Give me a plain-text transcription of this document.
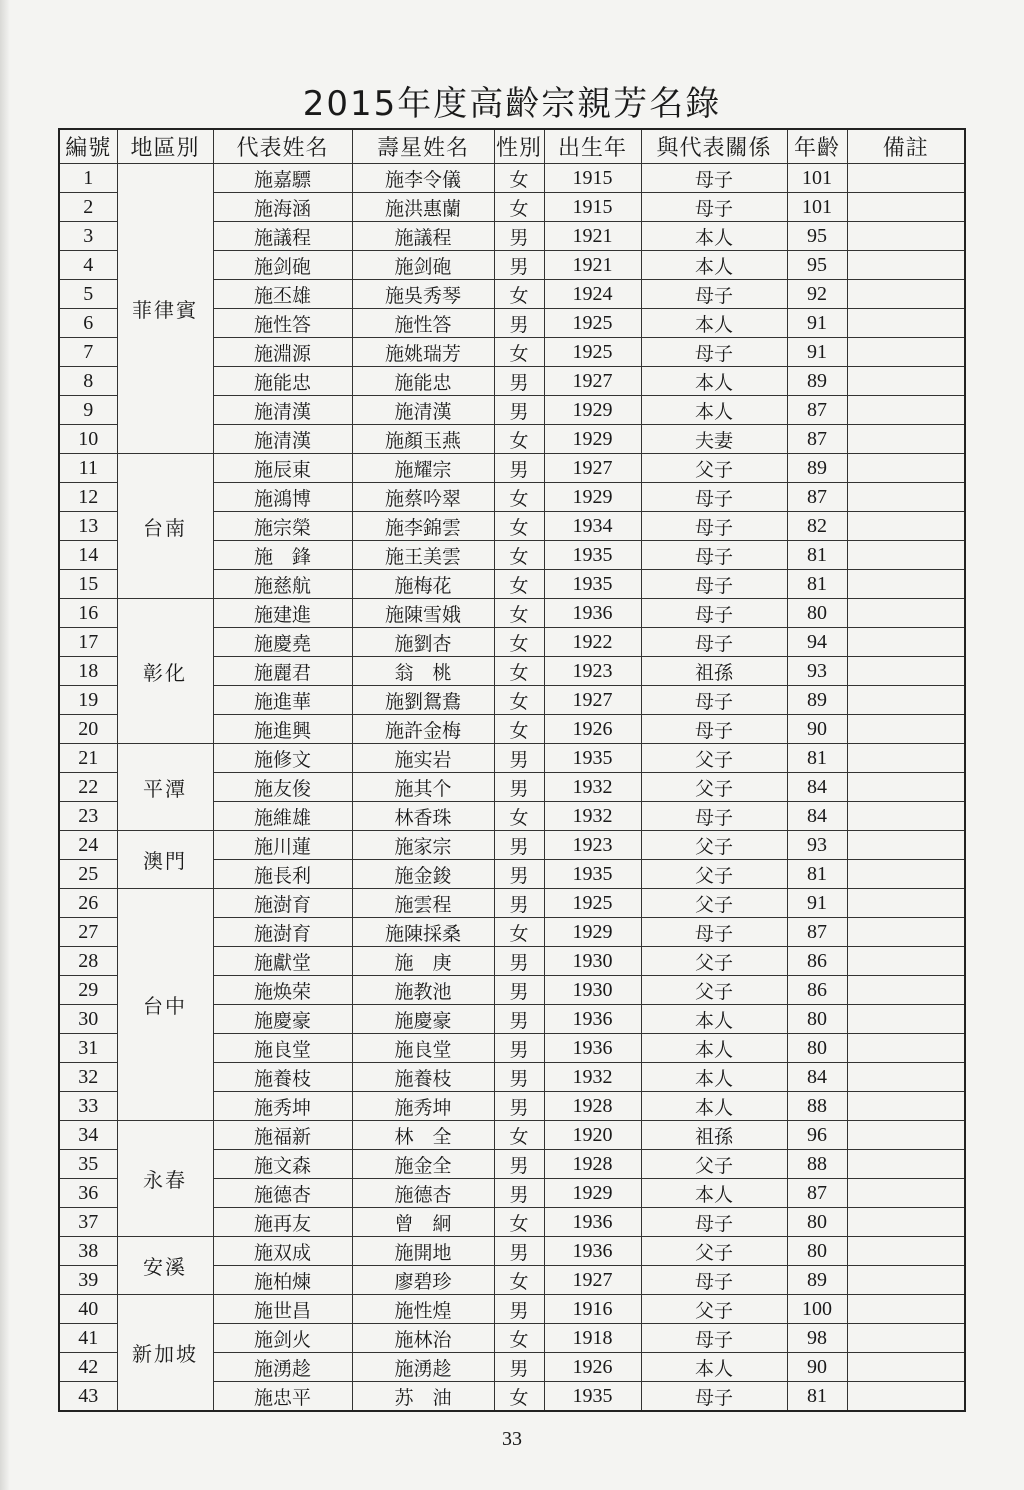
2015年度高齡宗親芳名錄
編號	地區別	代表姓名	壽星姓名	性別	出生年	與代表關係	年齡	備註
1	菲律賓	施嘉驃	施李令儀	女	1915	母子	101	
2		施海涵	施洪惠蘭	女	1915	母子	101	
3		施議程	施議程	男	1921	本人	95	
4		施剑砲	施剑砲	男	1921	本人	95	
5		施丕雄	施吳秀琴	女	1924	母子	92	
6		施性答	施性答	男	1925	本人	91	
7		施淵源	施姚瑞芳	女	1925	母子	91	
8		施能忠	施能忠	男	1927	本人	89	
9		施清漢	施清漢	男	1929	本人	87	
10		施清漢	施顏玉燕	女	1929	夫妻	87	
11	台南	施辰東	施耀宗	男	1927	父子	89	
12		施鴻博	施蔡吟翠	女	1929	母子	87	
13		施宗榮	施李錦雲	女	1934	母子	82	
14		施　鋒	施王美雲	女	1935	母子	81	
15		施慈航	施梅花	女	1935	母子	81	
16	彰化	施建進	施陳雪娥	女	1936	母子	80	
17		施慶堯	施劉杏	女	1922	母子	94	
18		施麗君	翁　桃	女	1923	祖孫	93	
19		施進華	施劉鴛鴦	女	1927	母子	89	
20		施進興	施許金梅	女	1926	母子	90	
21	平潭	施修文	施实岩	男	1935	父子	81	
22		施友俊	施其个	男	1932	父子	84	
23		施維雄	林香珠	女	1932	母子	84	
24	澳門	施川蓮	施家宗	男	1923	父子	93	
25		施長利	施金鋑	男	1935	父子	81	
26	台中	施澍育	施雲程	男	1925	父子	91	
27		施澍育	施陳採桑	女	1929	母子	87	
28		施獻堂	施　庚	男	1930	父子	86	
29		施焕荣	施教池	男	1930	父子	86	
30		施慶豪	施慶豪	男	1936	本人	80	
31		施良堂	施良堂	男	1936	本人	80	
32		施養枝	施養枝	男	1932	本人	84	
33		施秀坤	施秀坤	男	1928	本人	88	
34	永春	施福新	林　全	女	1920	祖孫	96	
35		施文森	施金全	男	1928	父子	88	
36		施德杏	施德杏	男	1929	本人	87	
37		施再友	曾　絅	女	1936	母子	80	
38	安溪	施双成	施開地	男	1936	父子	80	
39		施柏煉	廖碧珍	女	1927	母子	89	
40	新加坡	施世昌	施性煌	男	1916	父子	100	
41		施剑火	施林治	女	1918	母子	98	
42		施湧趁	施湧趁	男	1926	本人	90	
43		施忠平	苏　油	女	1935	母子	81	
33
